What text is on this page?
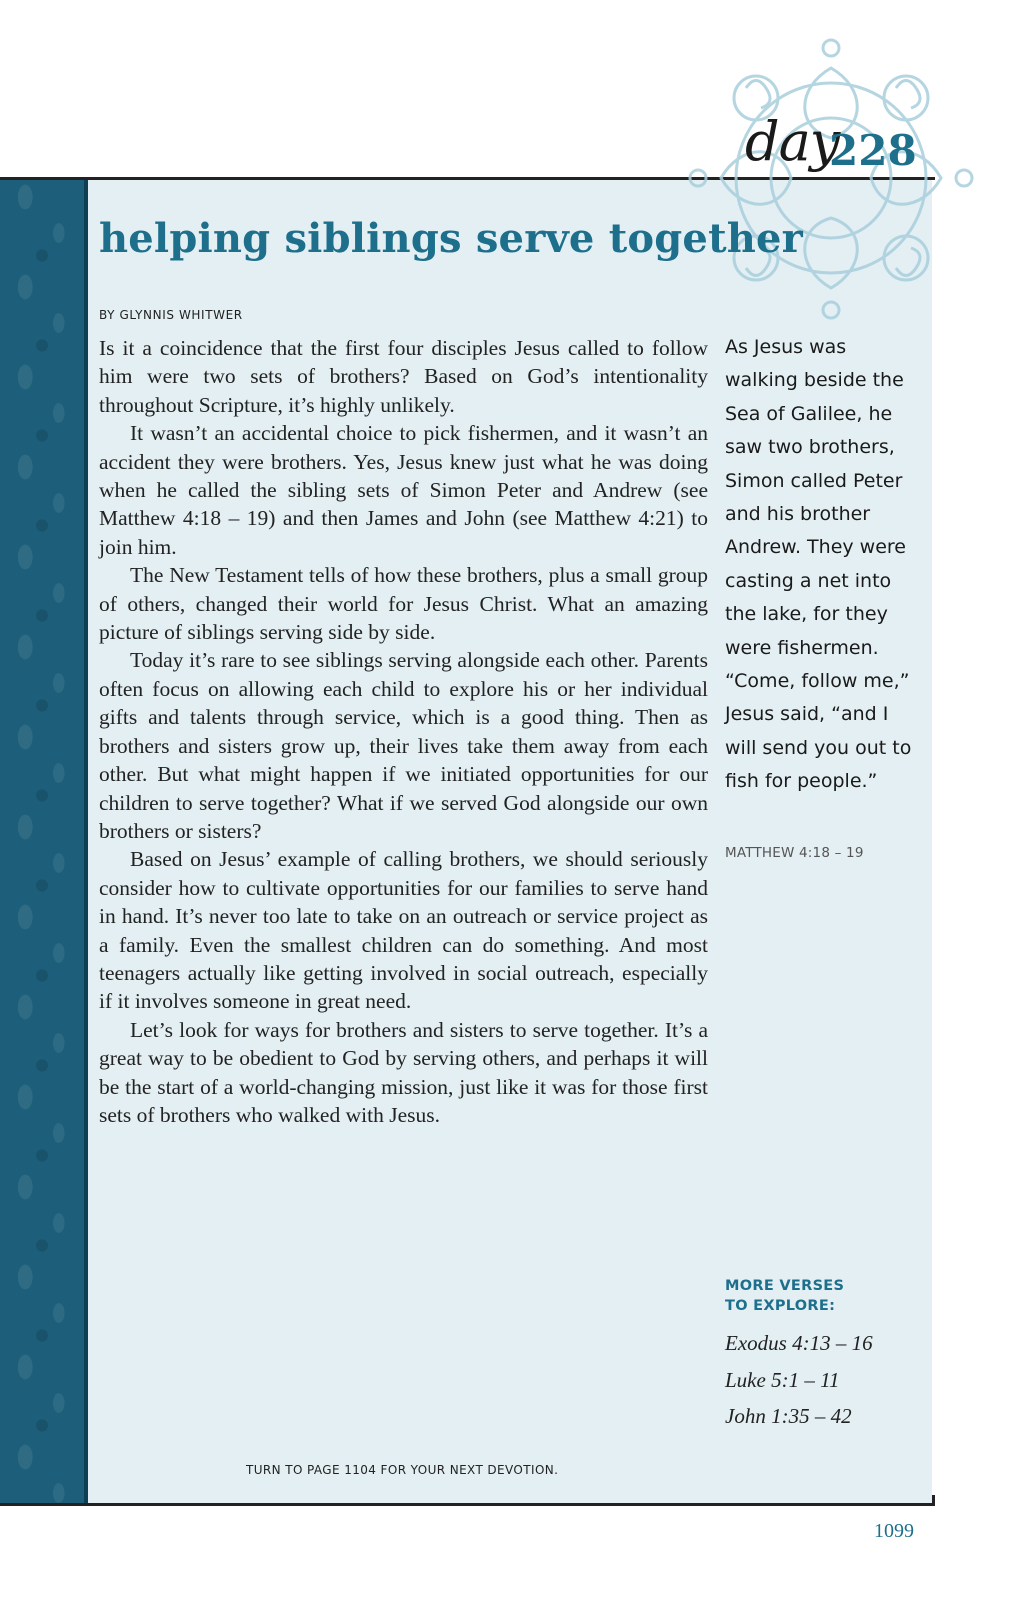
day
228
helping siblings serve together
BY GLYNNIS WHITWER

Is it a coincidence that the first four disciples Jesus called to follow him were two sets of brothers? Based on God’s intentionality throughout Scripture, it’s highly unlikely.

It wasn’t an accidental choice to pick fishermen, and it wasn’t an accident they were brothers. Yes, Jesus knew just what he was doing when he called the sibling sets of Simon Peter and Andrew (see Matthew 4:18 – 19) and then James and John (see Matthew 4:21) to join him.

The New Testament tells of how these brothers, plus a small group of others, changed their world for Jesus Christ. What an amazing picture of siblings serving side by side.

Today it’s rare to see siblings serving alongside each other. Parents often focus on allowing each child to explore his or her individual gifts and talents through service, which is a good thing. Then as brothers and sisters grow up, their lives take them away from each other. But what might happen if we initiated opportunities for our children to serve together? What if we served God alongside our own brothers or sisters?

Based on Jesus’ example of calling brothers, we should seriously consider how to cultivate opportunities for our families to serve hand in hand. It’s never too late to take on an outreach or service project as a family. Even the smallest children can do something. And most teenagers actually like getting involved in social outreach, especially if it involves someone in great need.

Let’s look for ways for brothers and sisters to serve together. It’s a great way to be obedient to God by serving others, and perhaps it will be the start of a world-changing mission, just like it was for those first sets of brothers who walked with Jesus.

As Jesus was walking beside the Sea of Galilee, he saw two brothers, Simon called Peter and his brother Andrew. They were casting a net into the lake, for they were fishermen. “Come, follow me,” Jesus said, “and I will send you out to fish for people.”

MATTHEW 4:18 – 19
MORE VERSES
TO EXPLORE:
Exodus 4:13 – 16
Luke 5:1 – 11
John 1:35 – 42
TURN TO PAGE 1104 FOR YOUR NEXT DEVOTION.
1099
